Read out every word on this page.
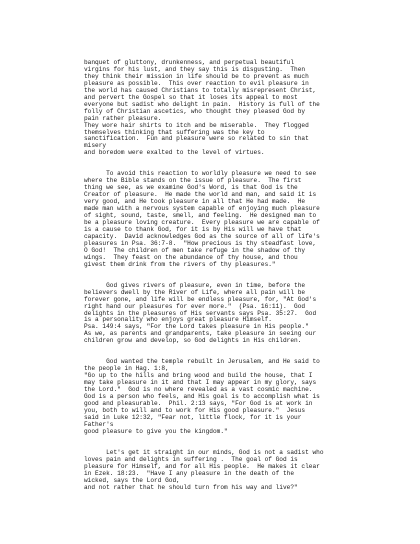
banquet of gluttony, drunkenness, and perpetual beautiful
virgins for his lust, and they say this is disgusting.  Then
they think their mission in life should be to prevent as much
pleasure as possible.  This over reaction to evil pleasure in
the world has caused Christians to totally misrepresent Christ,
and pervert the Gospel so that it loses its appeal to most
everyone but sadist who delight in pain.  History is full of the
folly of Christian ascetics, who thought they pleased God by
pain rather pleasure.
They wore hair shirts to itch and be miserable.  They flogged
themselves thinking that suffering was the key to
sanctification.  Fun and pleasure were so related to sin that
misery
and boredom were exalted to the level of virtues.
To avoid this reaction to worldly pleasure we need to see
where the Bible stands on the issue of pleasure.  The first
thing we see, as we examine God's Word, is that God is the
Creator of pleasure.  He made the world and man, and said it is
very good, and He took pleasure in all that He had made.  He
made man with a nervous system capable of enjoying much pleasure
of sight, sound, taste, smell, and feeling.  He designed man to
be a pleasure loving creature.  Every pleasure we are capable of
is a cause to thank God, for it is by His will we have that
capacity.  David acknowledges God as the source of all of life's
pleasures in Psa. 36:7-8.  "How precious is thy steadfast love,
O God!  The children of men take refuge in the shadow of thy
wings.  They feast on the abundance of thy house, and thou
givest them drink from the rivers of thy pleasures."
God gives rivers of pleasure, even in time, before the
believers dwell by the River of Life, where all pain will be
forever gone, and life will be endless pleasure, for, "At God's
right hand our pleasures for ever more."  (Psa. 16:11).  God
delights in the pleasures of His servants says Psa. 35:27.  God
is a personality who enjoys great pleasure Himself.
Psa. 149:4 says, "For the Lord takes pleasure in His people."
As we, as parents and grandparents, take pleasure in seeing our
children grow and develop, so God delights in His children.
God wanted the temple rebuilt in Jerusalem, and He said to
the people in Hag. 1:8,
"Go up to the hills and bring wood and build the house, that I
may take pleasure in it and that I may appear in my glory, says
the Lord."  God is no where revealed as a vast cosmic machine.
God is a person who feels, and His goal is to accomplish what is
good and pleasurable.  Phil. 2:13 says, "For God is at work in
you, both to will and to work for His good pleasure."  Jesus
said in Luke 12:32, "Fear not, little flock, for it is your
Father's
good pleasure to give you the kingdom."
Let's get it straight in our minds, God is not a sadist who
loves pain and delights in suffering .  The goal of God is
pleasure for Himself, and for all His people.  He makes it clear
in Ezek. 18:23.  "Have I any pleasure in the death of the
wicked, says the Lord God,
and not rather that he should turn from his way and live?"
